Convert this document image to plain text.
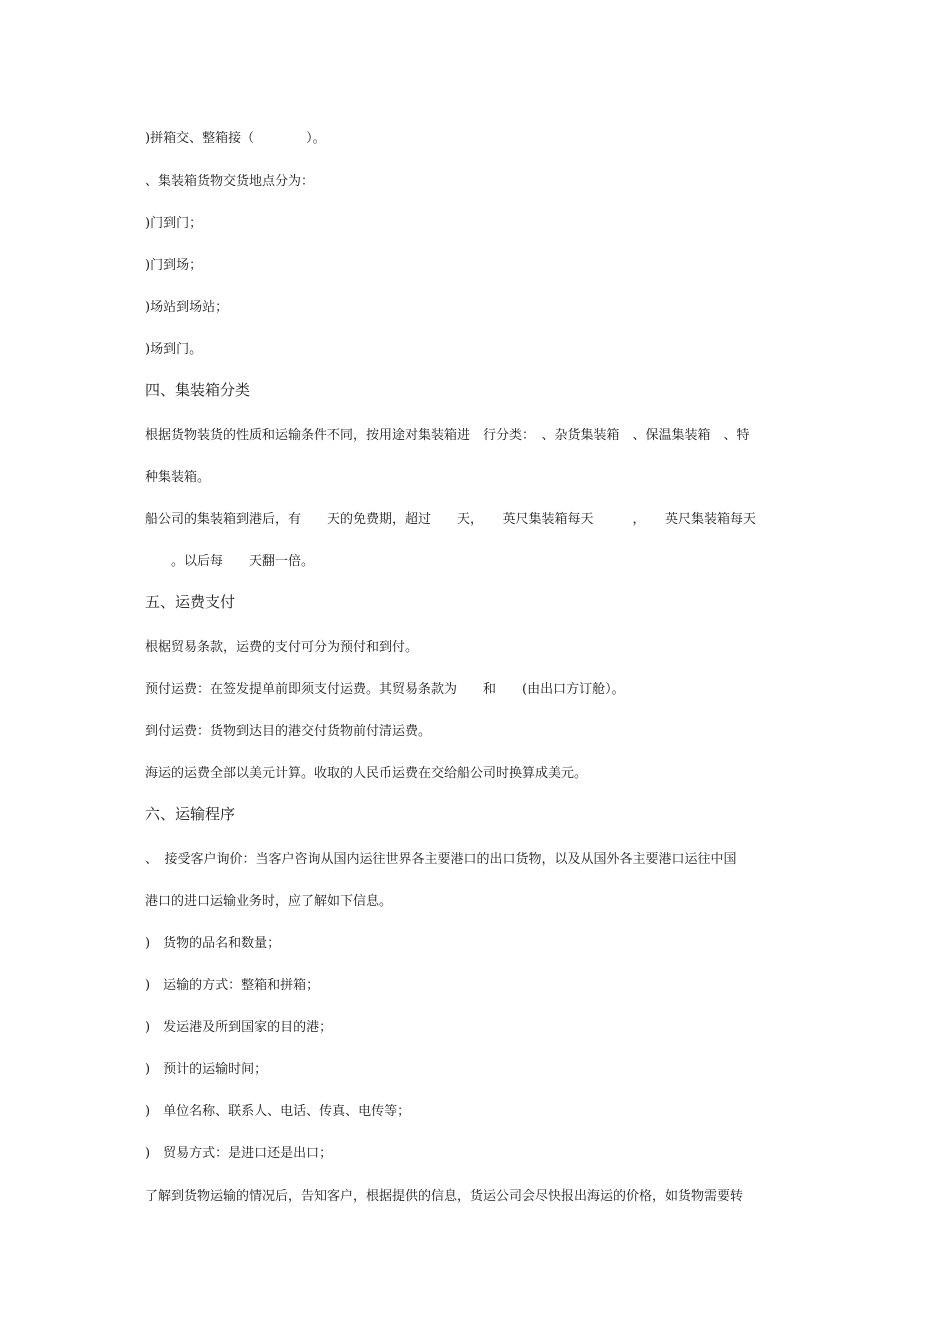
)拼箱交、整箱接（　　　　）。
、集装箱货物交货地点分为：
)门到门；
)门到场；
)场站到场站；
)场到门。
四、集装箱分类
根据货物装货的性质和运输条件不同，按用途对集装箱进　行分类：　、杂货集装箱　、保温集装箱　、特
种集装箱。
船公司的集装箱到港后，有　　天的免费期，超过　　天，　　英尺集装箱每天　　　，　　英尺集装箱每天
　　。以后每　　天翻一倍。
五、运费支付
根椐贸易条款，运费的支付可分为预付和到付。
预付运费：在签发提单前即须支付运费。其贸易条款为　　和　　(由出口方订舱）。
到付运费：货物到达目的港交付货物前付清运费。
海运的运费全部以美元计算。收取的人民币运费在交给船公司时换算成美元。
六、运输程序
、　接受客户询价：当客户咨询从国内运往世界各主要港口的出口货物，以及从国外各主要港口运往中国
港口的进口运输业务时，应了解如下信息。
)　货物的品名和数量；
)　运输的方式：整箱和拼箱；
)　发运港及所到国家的目的港；
)　预计的运输时间；
)　单位名称、联系人、电话、传真、电传等；
)　贸易方式：是进口还是出口；
了解到货物运输的情况后，告知客户，根据提供的信息，货运公司会尽快报出海运的价格，如货物需要转
